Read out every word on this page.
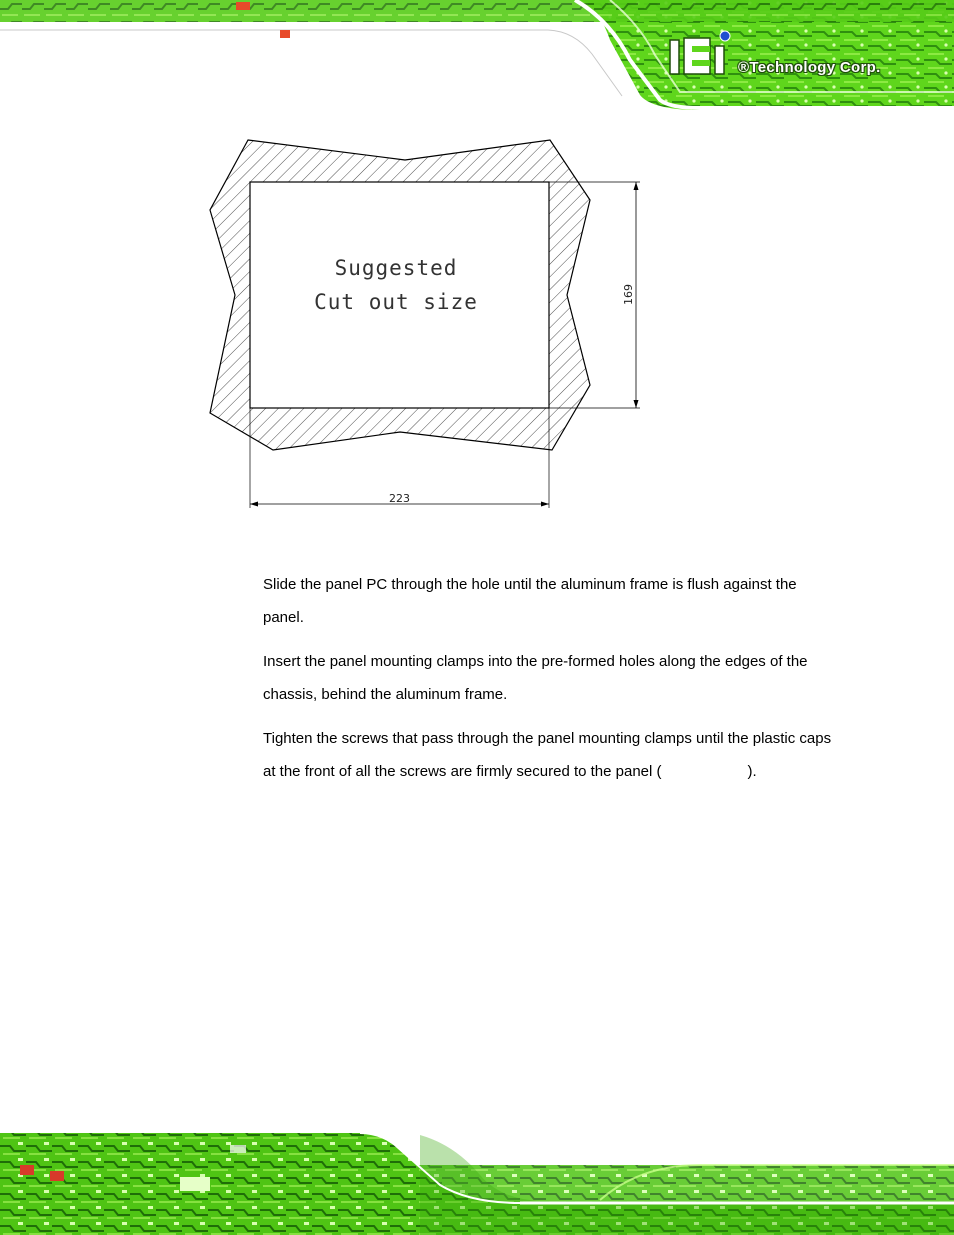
®Technology Corp.
Suggested
Cut out size
223
169

Slide the panel PC through the hole until the aluminum frame is flush against the panel.

Insert the panel mounting clamps into the pre-formed holes along the edges of the chassis, behind the aluminum frame.

Tighten the screws that pass through the panel mounting clamps until the plastic caps at the front of all the screws are firmly secured to the panel (	).
